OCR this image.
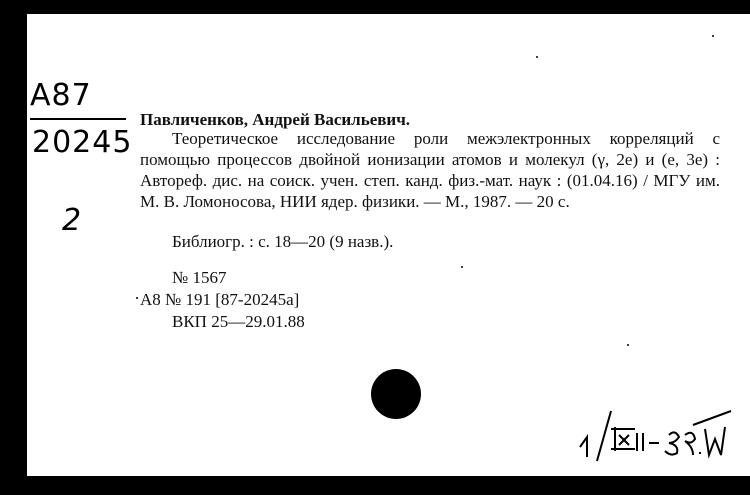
A87
20245
2
Павличенков, Андрей Васильевич.
Теоретическое исследование роли межэлектронных корреляций с помощью процессов двойной ионизации атомов и молекул (γ, 2e) и (e, 3e) : Автореф. дис. на соиск. учен. степ. канд. физ.-мат. наук : (01.04.16) / МГУ им. М. В. Ломоносова, НИИ ядер. физики. — М., 1987. — 20 с.
Библиогр. : с. 18—20 (9 назв.).
№ 1567
А8 № 191 [87-20245а]
ВКП 25—29.01.88
